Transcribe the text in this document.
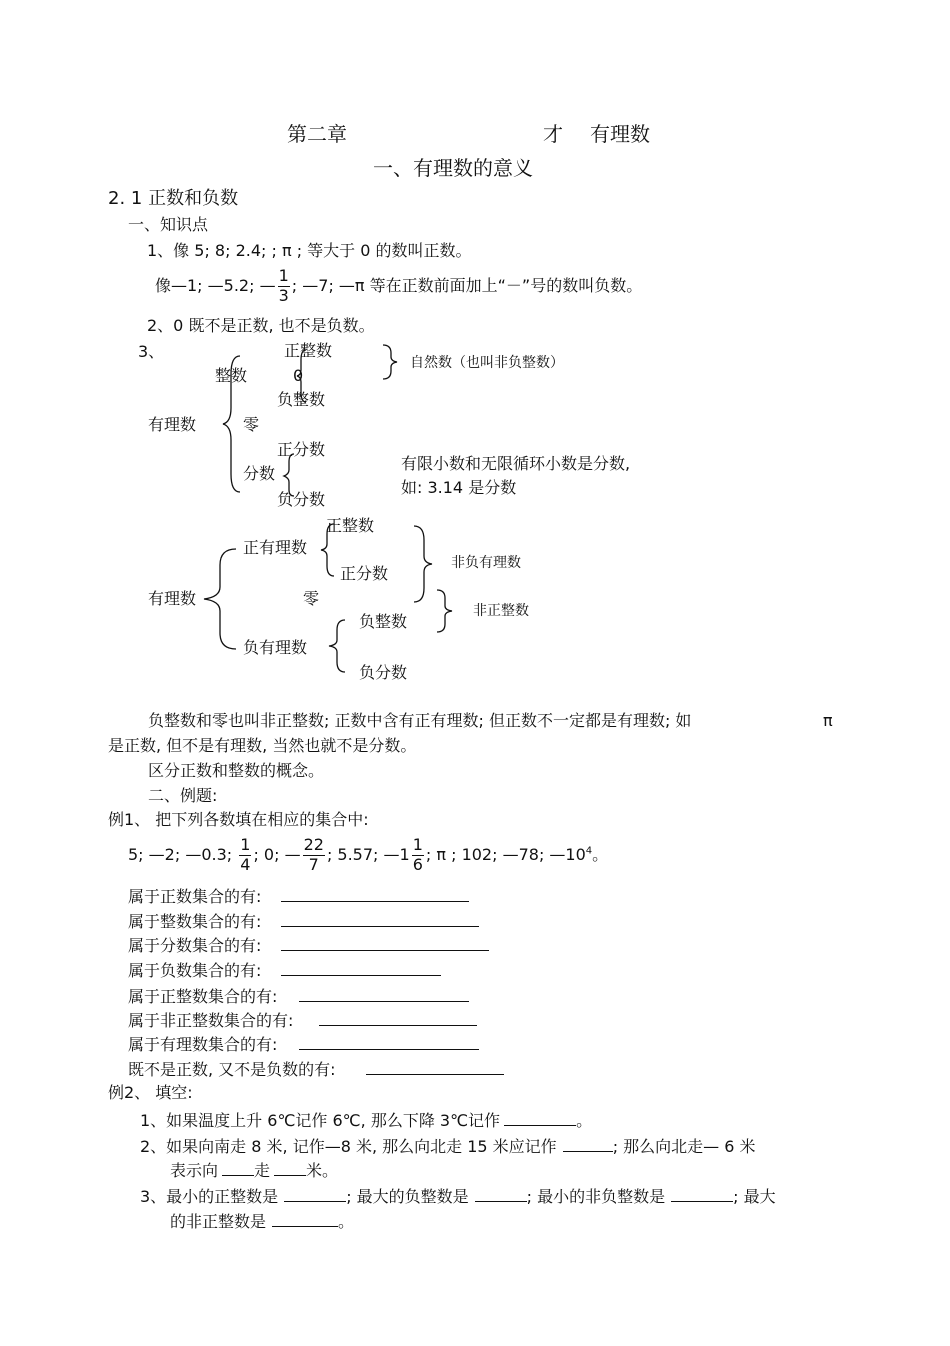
第二章	才 有理数
一、有理数的意义
2. 1 正数和负数
一、知识点
1、像 5; 8; 2.4; ; π ; 等大于 0 的数叫正数。
像—1; —5.2; — $\frac{1}{3}$ ; —7; —π 等在正数前面加上“－”号的数叫负数。
2、0 既不是正数, 也不是负数。
3、
有理数
整数
零
分数
正整数
0
负整数
正分数
负分数
自然数（也叫非负整数）
有限小数和无限循环小数是分数,
如: 3.14 是分数
有理数
正有理数
零
负有理数
正整数
正分数
负整数
负分数
非负有理数
非正整数
负整数和零也叫非正整数; 正数中含有正有理数; 但正数不一定都是有理数; 如	π
是正数, 但不是有理数, 当然也就不是分数。
区分正数和整数的概念。
二、例题:
例1、 把下列各数填在相应的集合中:
5; —2; —0.3; $\frac{1}{4}$ ; 0; — $\frac{22}{7}$ ; 5.57; —1 $\frac{1}{6}$ ; π ; 102; —78; $—10^4$。
属于正数集合的有:
属于整数集合的有:
属于分数集合的有:
属于负数集合的有:
属于正整数集合的有:
属于非正整数集合的有:
属于有理数集合的有:
既不是正数, 又不是负数的有:
例2、 填空:
1、如果温度上升 6℃记作 6℃, 那么下降 3℃记作	。
2、如果向南走 8 米, 记作—8 米, 那么向北走 15 米应记作	; 那么向北走— 6 米
表示向 走 米。
3、最小的正整数是	; 最大的负整数是	; 最小的非负整数是	; 最大
的非正整数是	。
